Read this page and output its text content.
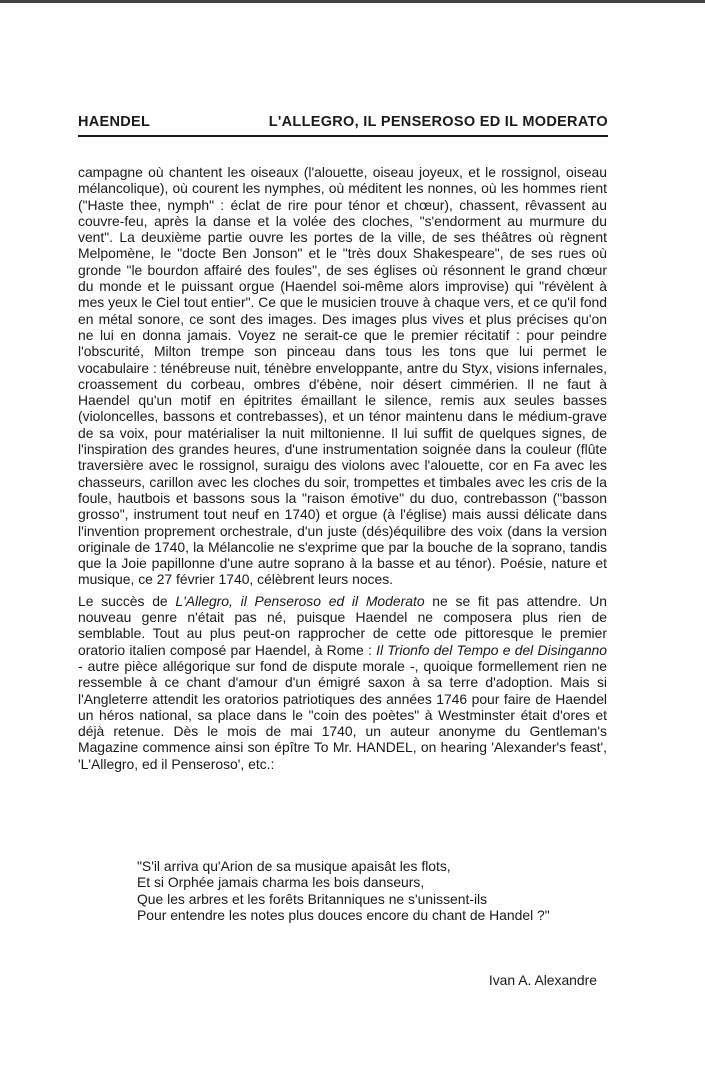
HAENDEL	L'ALLEGRO, IL PENSEROSO ED IL MODERATO

campagne où chantent les oiseaux (l'alouette, oiseau joyeux, et le rossignol, oiseau mélancolique), où courent les nymphes, où méditent les nonnes, où les hommes rient ("Haste thee, nymph" : éclat de rire pour ténor et chœur), chassent, rêvassent au couvre-feu, après la danse et la volée des cloches, "s'endorment au murmure du vent". La deuxième partie ouvre les portes de la ville, de ses théâtres où règnent Melpomène, le "docte Ben Jonson" et le "très doux Shakespeare", de ses rues où gronde "le bourdon affairé des foules", de ses églises où résonnent le grand chœur du monde et le puissant orgue (Haendel soi-même alors improvise) qui "révèlent à mes yeux le Ciel tout entier". Ce que le musicien trouve à chaque vers, et ce qu'il fond en métal sonore, ce sont des images. Des images plus vives et plus précises qu'on ne lui en donna jamais. Voyez ne serait-ce que le premier récitatif : pour peindre l'obscurité, Milton trempe son pinceau dans tous les tons que lui permet le vocabulaire : ténébreuse nuit, ténèbre enveloppante, antre du Styx, visions infernales, croassement du corbeau, ombres d'ébène, noir désert cimmérien. Il ne faut à Haendel qu'un motif en épitrites émaillant le silence, remis aux seules basses (violoncelles, bassons et contrebasses), et un ténor maintenu dans le médium-grave de sa voix, pour matérialiser la nuit miltonienne. Il lui suffit de quelques signes, de l'inspiration des grandes heures, d'une instrumentation soignée dans la couleur (flûte traversière avec le rossignol, suraigu des violons avec l'alouette, cor en Fa avec les chasseurs, carillon avec les cloches du soir, trompettes et timbales avec les cris de la foule, hautbois et bassons sous la "raison émotive" du duo, contrebasson ("basson grosso", instrument tout neuf en 1740) et orgue (à l'église) mais aussi délicate dans l'invention proprement orchestrale, d'un juste (dés)équilibre des voix (dans la version originale de 1740, la Mélancolie ne s'exprime que par la bouche de la soprano, tandis que la Joie papillonne d'une autre soprano à la basse et au ténor). Poésie, nature et musique, ce 27 février 1740, célèbrent leurs noces.

Le succès de L'Allegro, il Penseroso ed il Moderato ne se fit pas attendre. Un nouveau genre n'était pas né, puisque Haendel ne composera plus rien de semblable. Tout au plus peut-on rapprocher de cette ode pittoresque le premier oratorio italien composé par Haendel, à Rome : Il Trionfo del Tempo e del Disinganno - autre pièce allégorique sur fond de dispute morale -, quoique formellement rien ne ressemble à ce chant d'amour d'un émigré saxon à sa terre d'adoption. Mais si l'Angleterre attendit les oratorios patriotiques des années 1746 pour faire de Haendel un héros national, sa place dans le "coin des poètes" à Westminster était d'ores et déjà retenue. Dès le mois de mai 1740, un auteur anonyme du Gentleman's Magazine commence ainsi son épître To Mr. HANDEL, on hearing 'Alexander's feast', 'L'Allegro, ed il Penseroso', etc.:

"S'il arriva qu'Arion de sa musique apaisât les flots,
Et si Orphée jamais charma les bois danseurs,
Que les arbres et les forêts Britanniques ne s'unissent-ils
Pour entendre les notes plus douces encore du chant de Handel ?"
Ivan A. Alexandre
